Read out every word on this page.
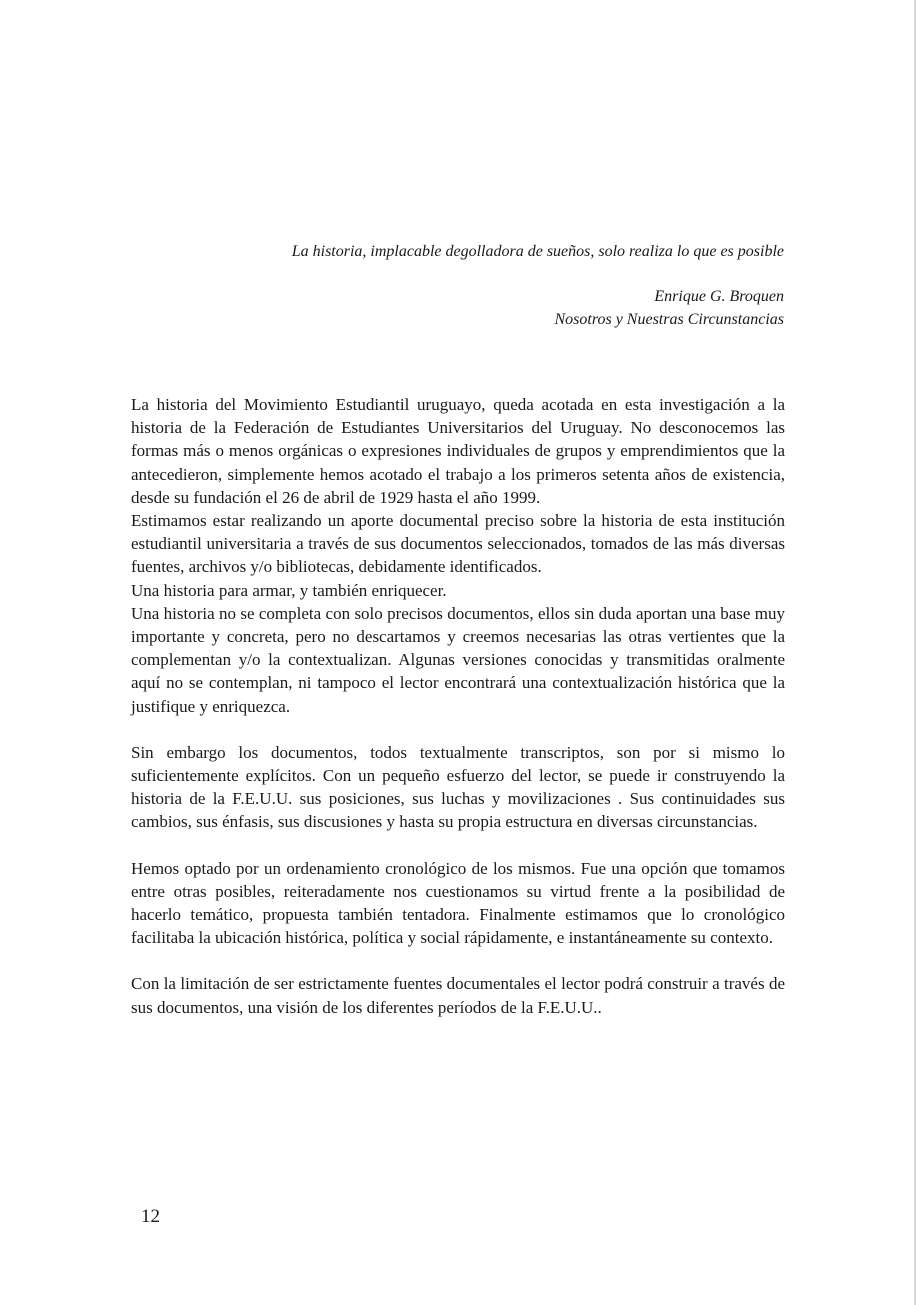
La historia, implacable degolladora de sueños, solo realiza lo que es posible

Enrique G. Broquen

Nosotros y Nuestras Circunstancias

La historia del Movimiento Estudiantil uruguayo, queda acotada en esta investigación a la historia de la Federación de Estudiantes Universitarios del Uruguay. No desconocemos las formas más o menos orgánicas o expresiones individuales de grupos y emprendimientos que la antecedieron, simplemente hemos acotado el trabajo a los primeros setenta años de existencia, desde su fundación el 26 de abril de 1929 hasta el año 1999.

Estimamos estar realizando un aporte documental preciso sobre la historia de esta institución estudiantil universitaria a través de sus documentos seleccionados, tomados de las más diversas fuentes, archivos y/o bibliotecas, debidamente identificados.

Una historia para armar, y también enriquecer.

Una historia no se completa con solo precisos documentos, ellos sin duda aportan una base muy importante y concreta, pero no descartamos y creemos necesarias las otras vertientes que la complementan y/o la contextualizan. Algunas versiones conocidas y transmitidas oralmente aquí no se contemplan, ni tampoco el lector encontrará una contextualización histórica que la justifique y enriquezca.

Sin embargo los documentos, todos textualmente transcriptos, son por si mismo lo suficientemente explícitos. Con un pequeño esfuerzo del lector, se puede ir construyendo la historia de la F.E.U.U. sus posiciones, sus luchas y movilizaciones . Sus continuidades sus cambios, sus énfasis, sus discusiones y hasta su propia estructura en diversas circunstancias.

Hemos optado por un ordenamiento cronológico de los mismos. Fue una opción que tomamos entre otras posibles, reiteradamente nos cuestionamos su virtud frente a la posibilidad de hacerlo temático, propuesta también tentadora. Finalmente estimamos que lo cronológico facilitaba la ubicación histórica, política y social rápidamente, e instantáneamente su contexto.

Con la limitación de ser estrictamente fuentes documentales el lector podrá construir a través de sus documentos, una visión de los diferentes períodos de la F.E.U.U..

12
